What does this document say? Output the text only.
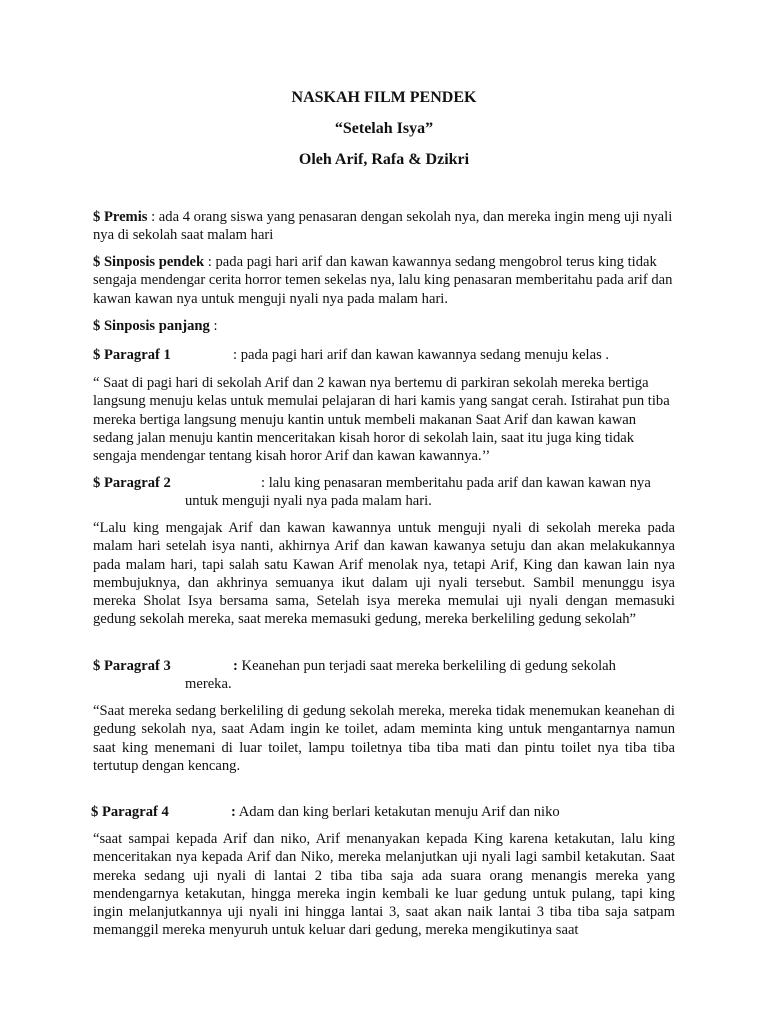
NASKAH FILM PENDEK
“Setelah Isya”
Oleh Arif, Rafa & Dzikri

$ Premis : ada 4 orang siswa yang penasaran dengan sekolah nya, dan mereka ingin meng uji nyali nya di sekolah saat malam hari

$ Sinposis pendek : pada pagi hari arif dan kawan kawannya sedang mengobrol terus king tidak sengaja mendengar cerita horror temen sekelas nya, lalu king penasaran memberitahu pada arif dan kawan kawan nya untuk menguji nyali nya pada malam hari.

$ Sinposis panjang :

$ Paragraf 1	: pada pagi hari arif dan kawan kawannya sedang menuju kelas .

“ Saat di pagi hari di sekolah Arif dan 2 kawan nya bertemu di parkiran sekolah mereka bertiga langsung menuju kelas untuk memulai pelajaran di hari kamis yang sangat cerah. Istirahat pun tiba mereka bertiga langsung menuju kantin untuk membeli makanan Saat Arif dan kawan kawan sedang jalan menuju kantin menceritakan kisah horor di sekolah lain, saat itu juga king tidak sengaja mendengar tentang kisah horor Arif dan kawan kawannya.’’

$ Paragraf 2	: lalu king penasaran memberitahu pada arif dan kawan kawan nya
untuk menguji nyali nya pada malam hari.

“Lalu king mengajak Arif dan kawan kawannya untuk menguji nyali di sekolah mereka pada malam hari setelah isya nanti, akhirnya Arif dan kawan kawanya setuju dan akan melakukannya pada malam hari, tapi salah satu Kawan Arif menolak nya, tetapi Arif, King dan kawan lain nya membujuknya, dan akhrinya semuanya ikut dalam uji nyali tersebut. Sambil menunggu isya mereka Sholat Isya bersama sama, Setelah isya mereka memulai uji nyali dengan memasuki gedung sekolah mereka, saat mereka memasuki gedung, mereka berkeliling gedung sekolah”

$ Paragraf 3	: Keanehan pun terjadi saat mereka berkeliling di gedung sekolah
mereka.

“Saat mereka sedang berkeliling di gedung sekolah mereka, mereka tidak menemukan keanehan di gedung sekolah nya, saat Adam ingin ke toilet, adam meminta king untuk mengantarnya namun saat king menemani di luar toilet, lampu toiletnya tiba tiba mati dan pintu toilet nya tiba tiba tertutup dengan kencang.

$ Paragraf 4	: Adam dan king berlari ketakutan menuju Arif dan niko

“saat sampai kepada Arif dan niko, Arif menanyakan kepada King karena ketakutan, lalu king menceritakan nya kepada Arif dan Niko, mereka melanjutkan uji nyali lagi sambil ketakutan. Saat mereka sedang uji nyali di lantai 2 tiba tiba saja ada suara orang menangis mereka yang mendengarnya ketakutan, hingga mereka ingin kembali ke luar gedung untuk pulang, tapi king ingin melanjutkannya uji nyali ini hingga lantai 3, saat akan naik lantai 3 tiba tiba saja satpam memanggil mereka menyuruh untuk keluar dari gedung, mereka mengikutinya saat
